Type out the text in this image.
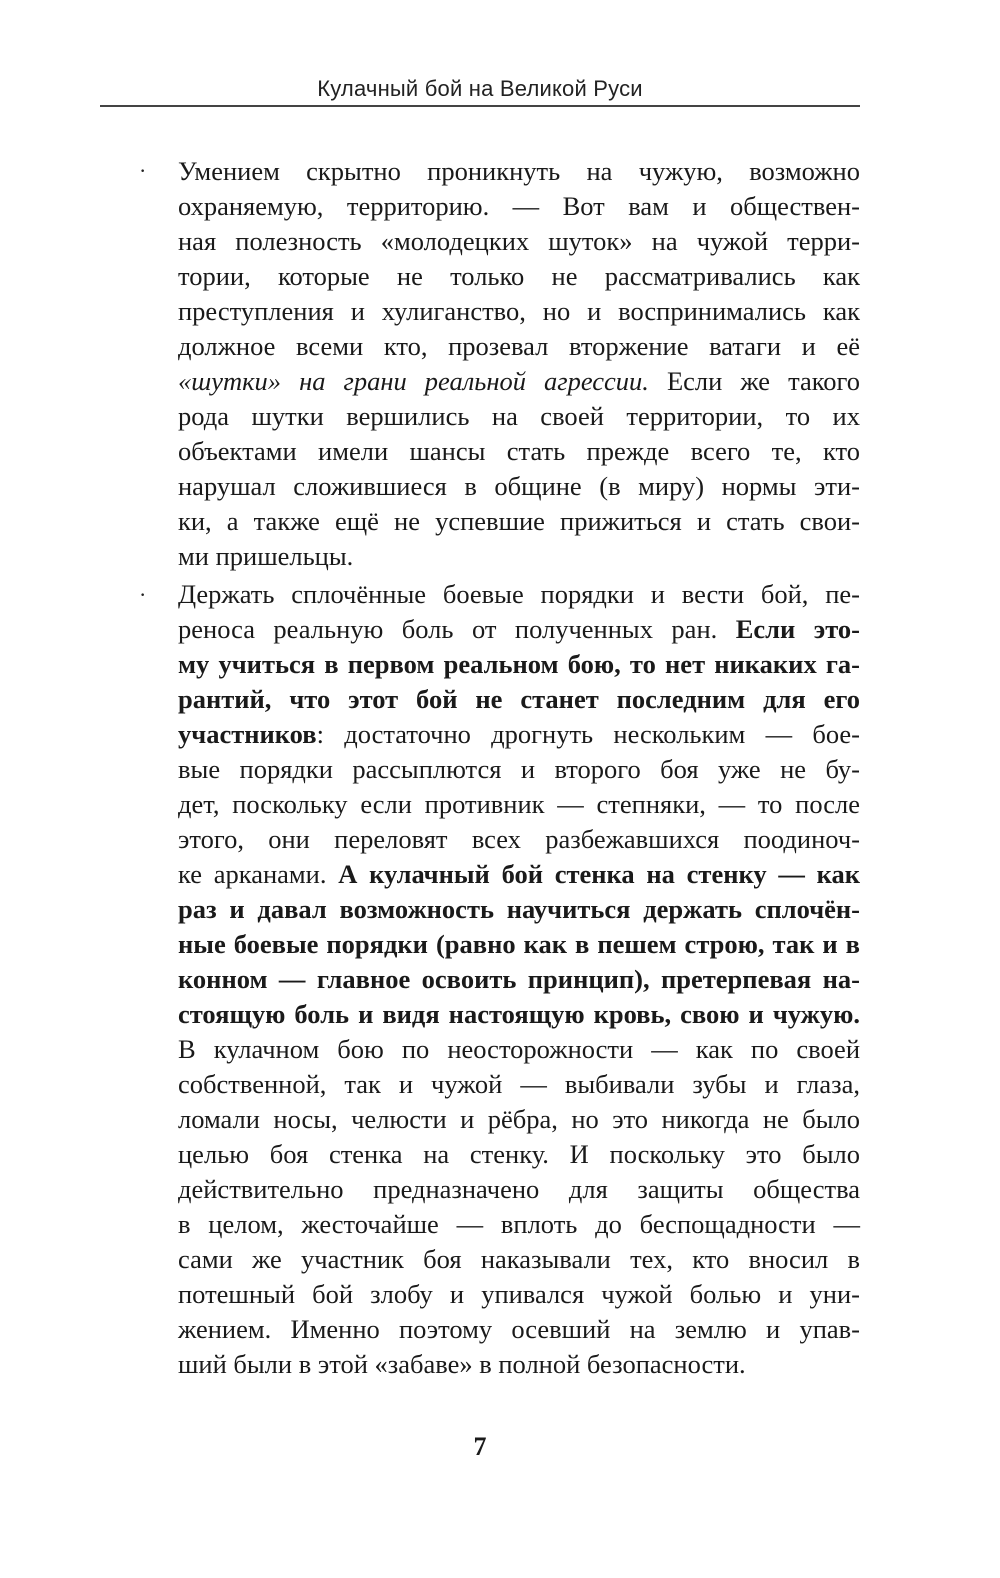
Кулачный бой на Великой Руси
· Умением скрытно проникнуть на чужую, возможно
охраняемую, территорию. — Вот вам и обществен-
ная полезность «молодецких шуток» на чужой терри-
тории, которые не только не рассматривались как
преступления и хулиганство, но и воспринимались как
должное всеми кто, прозевал вторжение ватаги и её
«шутки» на грани реальной агрессии. Если же такого
рода шутки вершились на своей территории, то их
объектами имели шансы стать прежде всего те, кто
нарушал сложившиеся в общине (в миру) нормы эти-
ки, а также ещё не успевшие прижиться и стать свои-
ми пришельцы.
· Держать сплочённые боевые порядки и вести бой, пе-
реноса реальную боль от полученных ран. Если это-
му учиться в первом реальном бою, то нет никаких га-
рантий, что этот бой не станет последним для его
участников: достаточно дрогнуть нескольким — бое-
вые порядки рассыплются и второго боя уже не бу-
дет, поскольку если противник — степняки, — то после
этого, они переловят всех разбежавшихся поодиноч-
ке арканами. А кулачный бой стенка на стенку — как
раз и давал возможность научиться держать сплочён-
ные боевые порядки (равно как в пешем строю, так и в
конном — главное освоить принцип), претерпевая на-
стоящую боль и видя настоящую кровь, свою и чужую.
В кулачном бою по неосторожности — как по своей
собственной, так и чужой — выбивали зубы и глаза,
ломали носы, челюсти и рёбра, но это никогда не было
целью боя стенка на стенку. И поскольку это было
действительно предназначено для защиты общества
в целом, жесточайше — вплоть до беспощадности —
сами же участник боя наказывали тех, кто вносил в
потешный бой злобу и упивался чужой болью и уни-
жением. Именно поэтому осевший на землю и упав-
ший были в этой «забаве» в полной безопасности.
7
